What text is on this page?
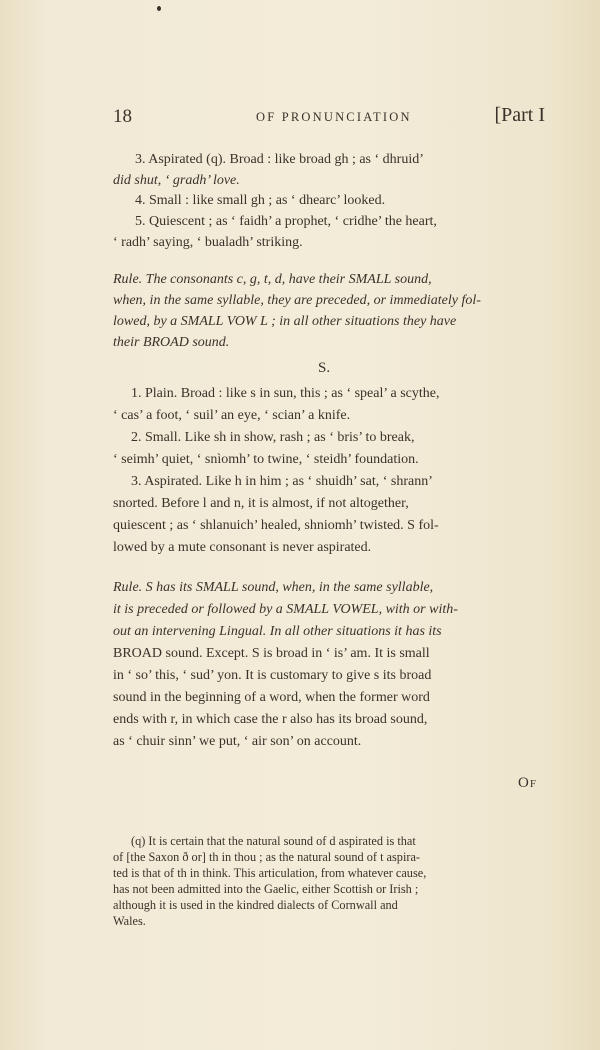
18	OF PRONUNCIATION	[Part I
3. Aspirated (q). Broad : like broad gh ; as ‘ dhruid’
did shut, ‘ gradh’ love.
4. Small : like small gh ; as ‘ dhearc’ looked.
5. Quiescent ; as ‘ faidh’ a prophet, ‘ cridhe’ the heart,
‘ radh’ saying, ‘ bualadh’ striking.
Rule. The consonants c, g, t, d, have their SMALL sound,
when, in the same syllable, they are preceded, or immediately fol-
lowed, by a SMALL VOW L ; in all other situations they have
their BROAD sound.
S.
1. Plain. Broad : like s in sun, this ; as ‘ speal’ a scythe,
‘ cas’ a foot, ‘ suil’ an eye, ‘ scian’ a knife.
2. Small. Like sh in show, rash ; as ‘ bris’ to break,
‘ seimh’ quiet, ‘ snìomh’ to twine, ‘ steidh’ foundation.
3. Aspirated. Like h in him ; as ‘ shuidh’ sat, ‘ shrann’
snorted. Before l and n, it is almost, if not altogether,
quiescent ; as ‘ shlanuich’ healed, shniomh’ twisted. S fol-
lowed by a mute consonant is never aspirated.
Rule. S has its SMALL sound, when, in the same syllable,
it is preceded or followed by a SMALL VOWEL, with or with-
out an intervening Lingual. In all other situations it has its
BROAD sound. Except. S is broad in ‘ is’ am. It is small
in ‘ so’ this, ‘ sud’ yon. It is customary to give s its broad
sound in the beginning of a word, when the former word
ends with r, in which case the r also has its broad sound,
as ‘ chuir sinn’ we put, ‘ air son’ on account.
Of
(q) It is certain that the natural sound of d aspirated is that
of [the Saxon ð or] th in thou ; as the natural sound of t aspira-
ted is that of th in think. This articulation, from whatever cause,
has not been admitted into the Gaelic, either Scottish or Irish ;
although it is used in the kindred dialects of Cornwall and
Wales.
